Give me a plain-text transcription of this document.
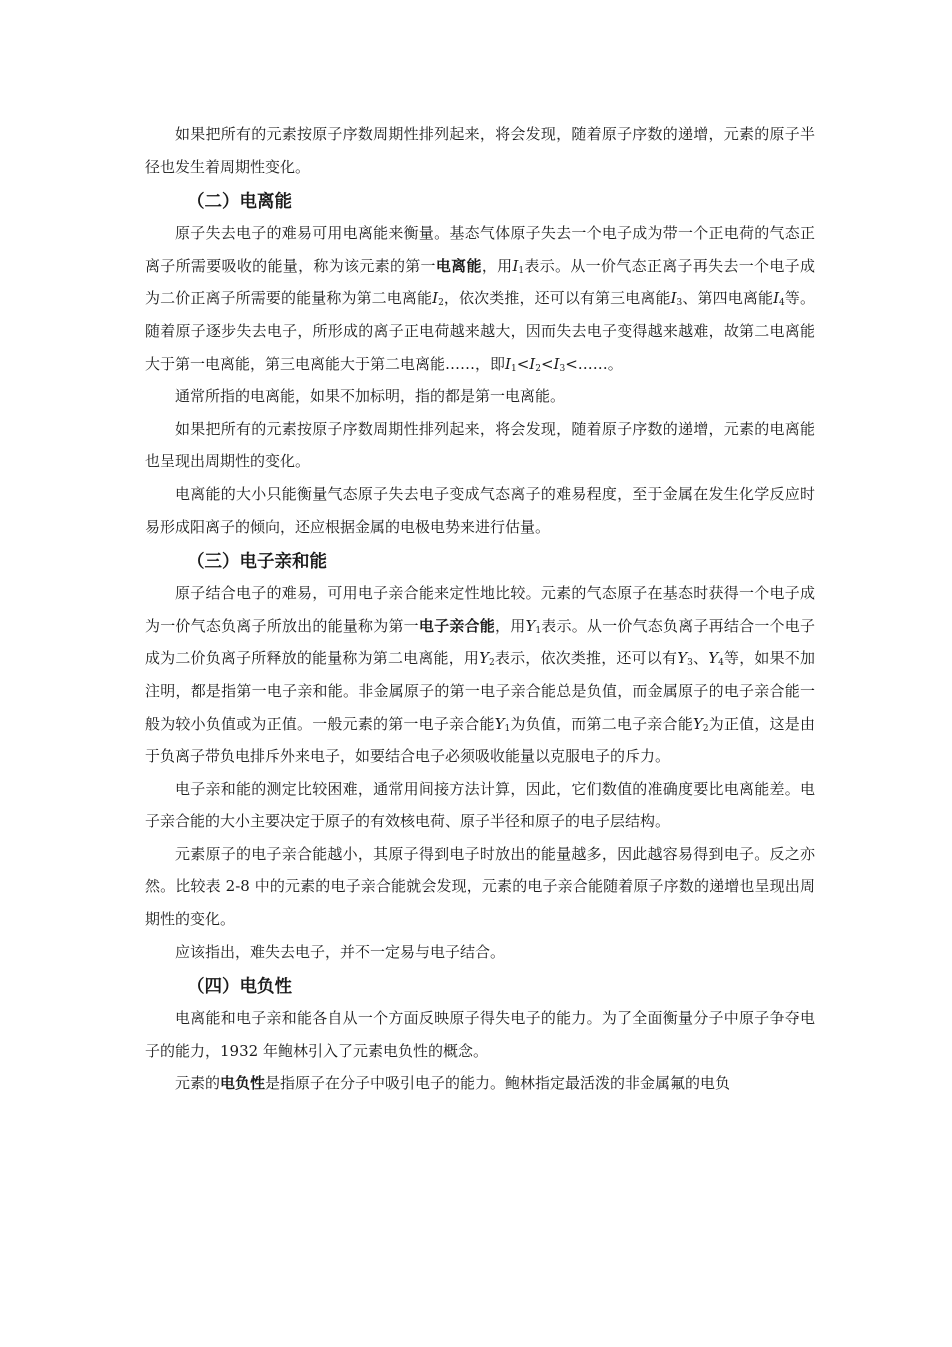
如果把所有的元素按原子序数周期性排列起来，将会发现，随着原子序数的递增，元素的原子半径也发生着周期性变化。

（二）电离能

原子失去电子的难易可用电离能来衡量。基态气体原子失去一个电子成为带一个正电荷的气态正离子所需要吸收的能量，称为该元素的第一电离能，用$I_1$表示。从一价气态正离子再失去一个电子成为二价正离子所需要的能量称为第二电离能$I_2$，依次类推，还可以有第三电离能$I_3$、第四电离能$I_4$等。随着原子逐步失去电子，所形成的离子正电荷越来越大，因而失去电子变得越来越难，故第二电离能大于第一电离能，第三电离能大于第二电离能……，即$I_1<I_2<I_3<\dots\dots$。

通常所指的电离能，如果不加标明，指的都是第一电离能。

如果把所有的元素按原子序数周期性排列起来，将会发现，随着原子序数的递增，元素的电离能也呈现出周期性的变化。

电离能的大小只能衡量气态原子失去电子变成气态离子的难易程度，至于金属在发生化学反应时易形成阳离子的倾向，还应根据金属的电极电势来进行估量。

（三）电子亲和能

原子结合电子的难易，可用电子亲合能来定性地比较。元素的气态原子在基态时获得一个电子成为一价气态负离子所放出的能量称为第一电子亲合能，用$Y_1$表示。从一价气态负离子再结合一个电子成为二价负离子所释放的能量称为第二电离能，用$Y_2$表示，依次类推，还可以有$Y_3$、$Y_4$等，如果不加注明，都是指第一电子亲和能。非金属原子的第一电子亲合能总是负值，而金属原子的电子亲合能一般为较小负值或为正值。一般元素的第一电子亲合能$Y_1$为负值，而第二电子亲合能$Y_2$为正值，这是由于负离子带负电排斥外来电子，如要结合电子必须吸收能量以克服电子的斥力。

电子亲和能的测定比较困难，通常用间接方法计算，因此，它们数值的准确度要比电离能差。电子亲合能的大小主要决定于原子的有效核电荷、原子半径和原子的电子层结构。

元素原子的电子亲合能越小，其原子得到电子时放出的能量越多，因此越容易得到电子。反之亦然。比较表 2-8 中的元素的电子亲合能就会发现，元素的电子亲合能随着原子序数的递增也呈现出周期性的变化。

应该指出，难失去电子，并不一定易与电子结合。

（四）电负性

电离能和电子亲和能各自从一个方面反映原子得失电子的能力。为了全面衡量分子中原子争夺电子的能力，1932 年鲍林引入了元素电负性的概念。

元素的电负性是指原子在分子中吸引电子的能力。鲍林指定最活泼的非金属氟的电负
